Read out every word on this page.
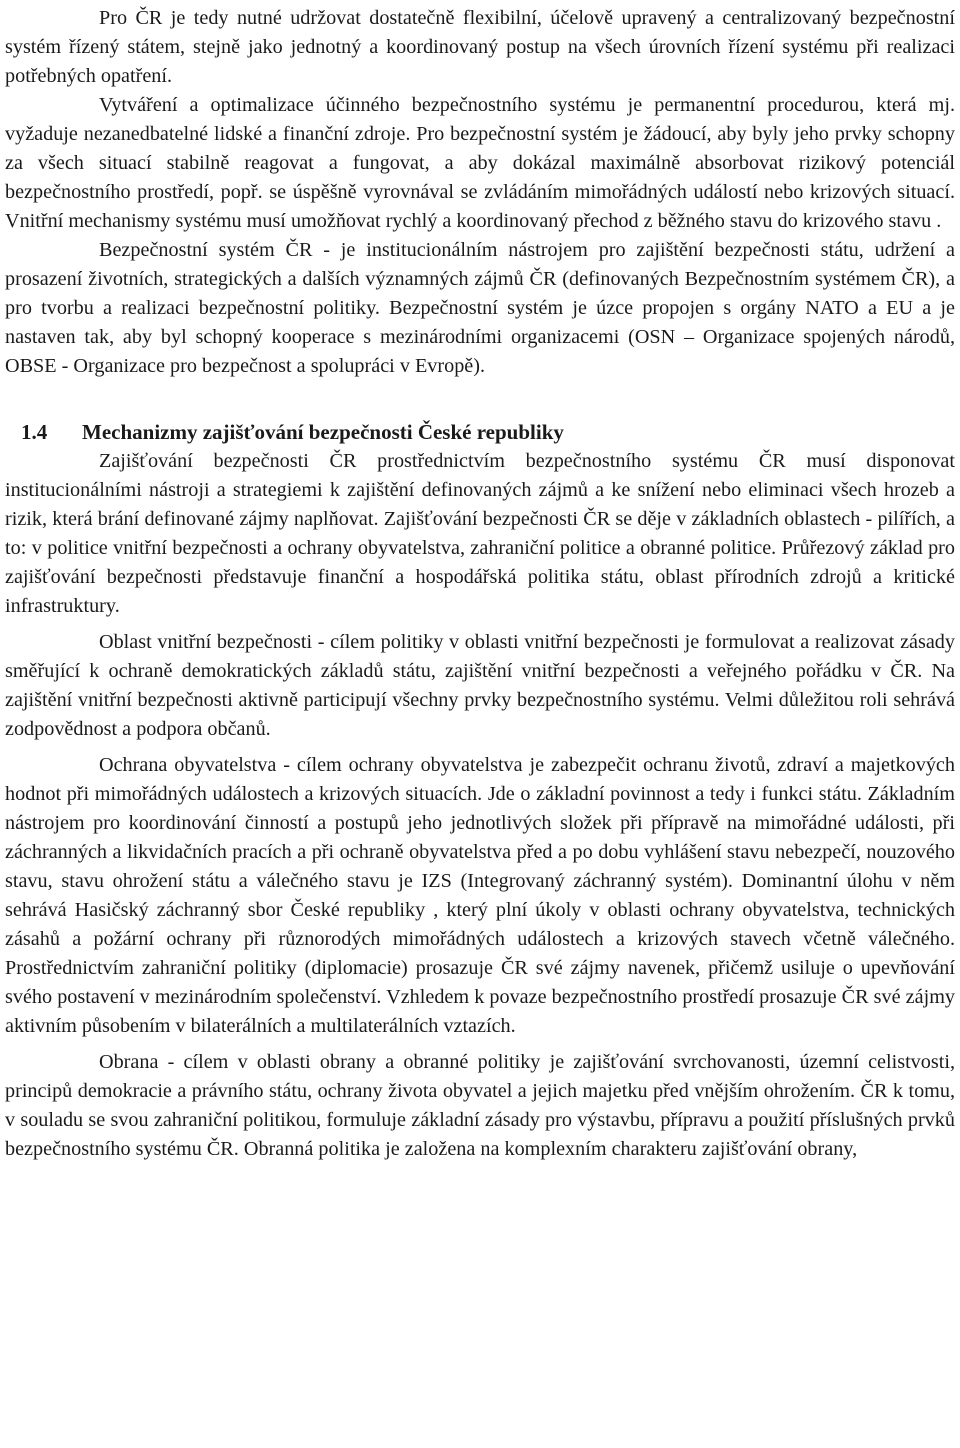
Pro ČR je tedy nutné udržovat dostatečně flexibilní, účelově upravený a centralizovaný bezpečnostní systém řízený státem, stejně jako jednotný a koordinovaný postup na všech úrovních řízení systému při realizaci potřebných opatření.

Vytváření a optimalizace účinného bezpečnostního systému je permanentní procedurou, která mj. vyžaduje nezanedbatelné lidské a finanční zdroje. Pro bezpečnostní systém je žádoucí, aby byly jeho prvky schopny za všech situací stabilně reagovat a fungovat, a aby dokázal maximálně absorbovat rizikový potenciál bezpečnostního prostředí, popř. se úspěšně vyrovnával se zvládáním mimořádných událostí nebo krizových situací. Vnitřní mechanismy systému musí umožňovat rychlý a koordinovaný přechod z běžného stavu do krizového stavu .

Bezpečnostní systém ČR - je institucionálním nástrojem pro zajištění bezpečnosti státu, udržení a prosazení životních, strategických a dalších významných zájmů ČR (definovaných Bezpečnostním systémem ČR), a pro tvorbu a realizaci bezpečnostní politiky. Bezpečnostní systém je úzce propojen s orgány NATO a EU a je nastaven tak, aby byl schopný kooperace s mezinárodními organizacemi (OSN – Organizace spojených národů, OBSE - Organizace pro bezpečnost a spolupráci v Evropě).

1.4 Mechanizmy zajišťování bezpečnosti České republiky

Zajišťování bezpečnosti ČR prostřednictvím bezpečnostního systému ČR musí disponovat institucionálními nástroji a strategiemi k zajištění definovaných zájmů a ke snížení nebo eliminaci všech hrozeb a rizik, která brání definované zájmy naplňovat. Zajišťování bezpečnosti ČR se děje v základních oblastech - pilířích, a to: v politice vnitřní bezpečnosti a ochrany obyvatelstva, zahraniční politice a obranné politice. Průřezový základ pro zajišťování bezpečnosti představuje finanční a hospodářská politika státu, oblast přírodních zdrojů a kritické infrastruktury.

Oblast vnitřní bezpečnosti - cílem politiky v oblasti vnitřní bezpečnosti je formulovat a realizovat zásady směřující k ochraně demokratických základů státu, zajištění vnitřní bezpečnosti a veřejného pořádku v ČR. Na zajištění vnitřní bezpečnosti aktivně participují všechny prvky bezpečnostního systému. Velmi důležitou roli sehrává zodpovědnost a podpora občanů.

Ochrana obyvatelstva - cílem ochrany obyvatelstva je zabezpečit ochranu životů, zdraví a majetkových hodnot při mimořádných událostech a krizových situacích. Jde o základní povinnost a tedy i funkci státu. Základním nástrojem pro koordinování činností a postupů jeho jednotlivých složek při přípravě na mimořádné události, při záchranných a likvidačních pracích a při ochraně obyvatelstva před a po dobu vyhlášení stavu nebezpečí, nouzového stavu, stavu ohrožení státu a válečného stavu je IZS (Integrovaný záchranný systém). Dominantní úlohu v něm sehrává Hasičský záchranný sbor České republiky , který plní úkoly v oblasti ochrany obyvatelstva, technických zásahů a požární ochrany při různorodých mimořádných událostech a krizových stavech včetně válečného. Prostřednictvím zahraniční politiky (diplomacie) prosazuje ČR své zájmy navenek, přičemž usiluje o upevňování svého postavení v mezinárodním společenství. Vzhledem k povaze bezpečnostního prostředí prosazuje ČR své zájmy aktivním působením v bilaterálních a multilaterálních vztazích.

Obrana - cílem v oblasti obrany a obranné politiky je zajišťování svrchovanosti, územní celistvosti, principů demokracie a právního státu, ochrany života obyvatel a jejich majetku před vnějším ohrožením. ČR k tomu, v souladu se svou zahraniční politikou, formuluje základní zásady pro výstavbu, přípravu a použití příslušných prvků bezpečnostního systému ČR. Obranná politika je založena na komplexním charakteru zajišťování obrany,
